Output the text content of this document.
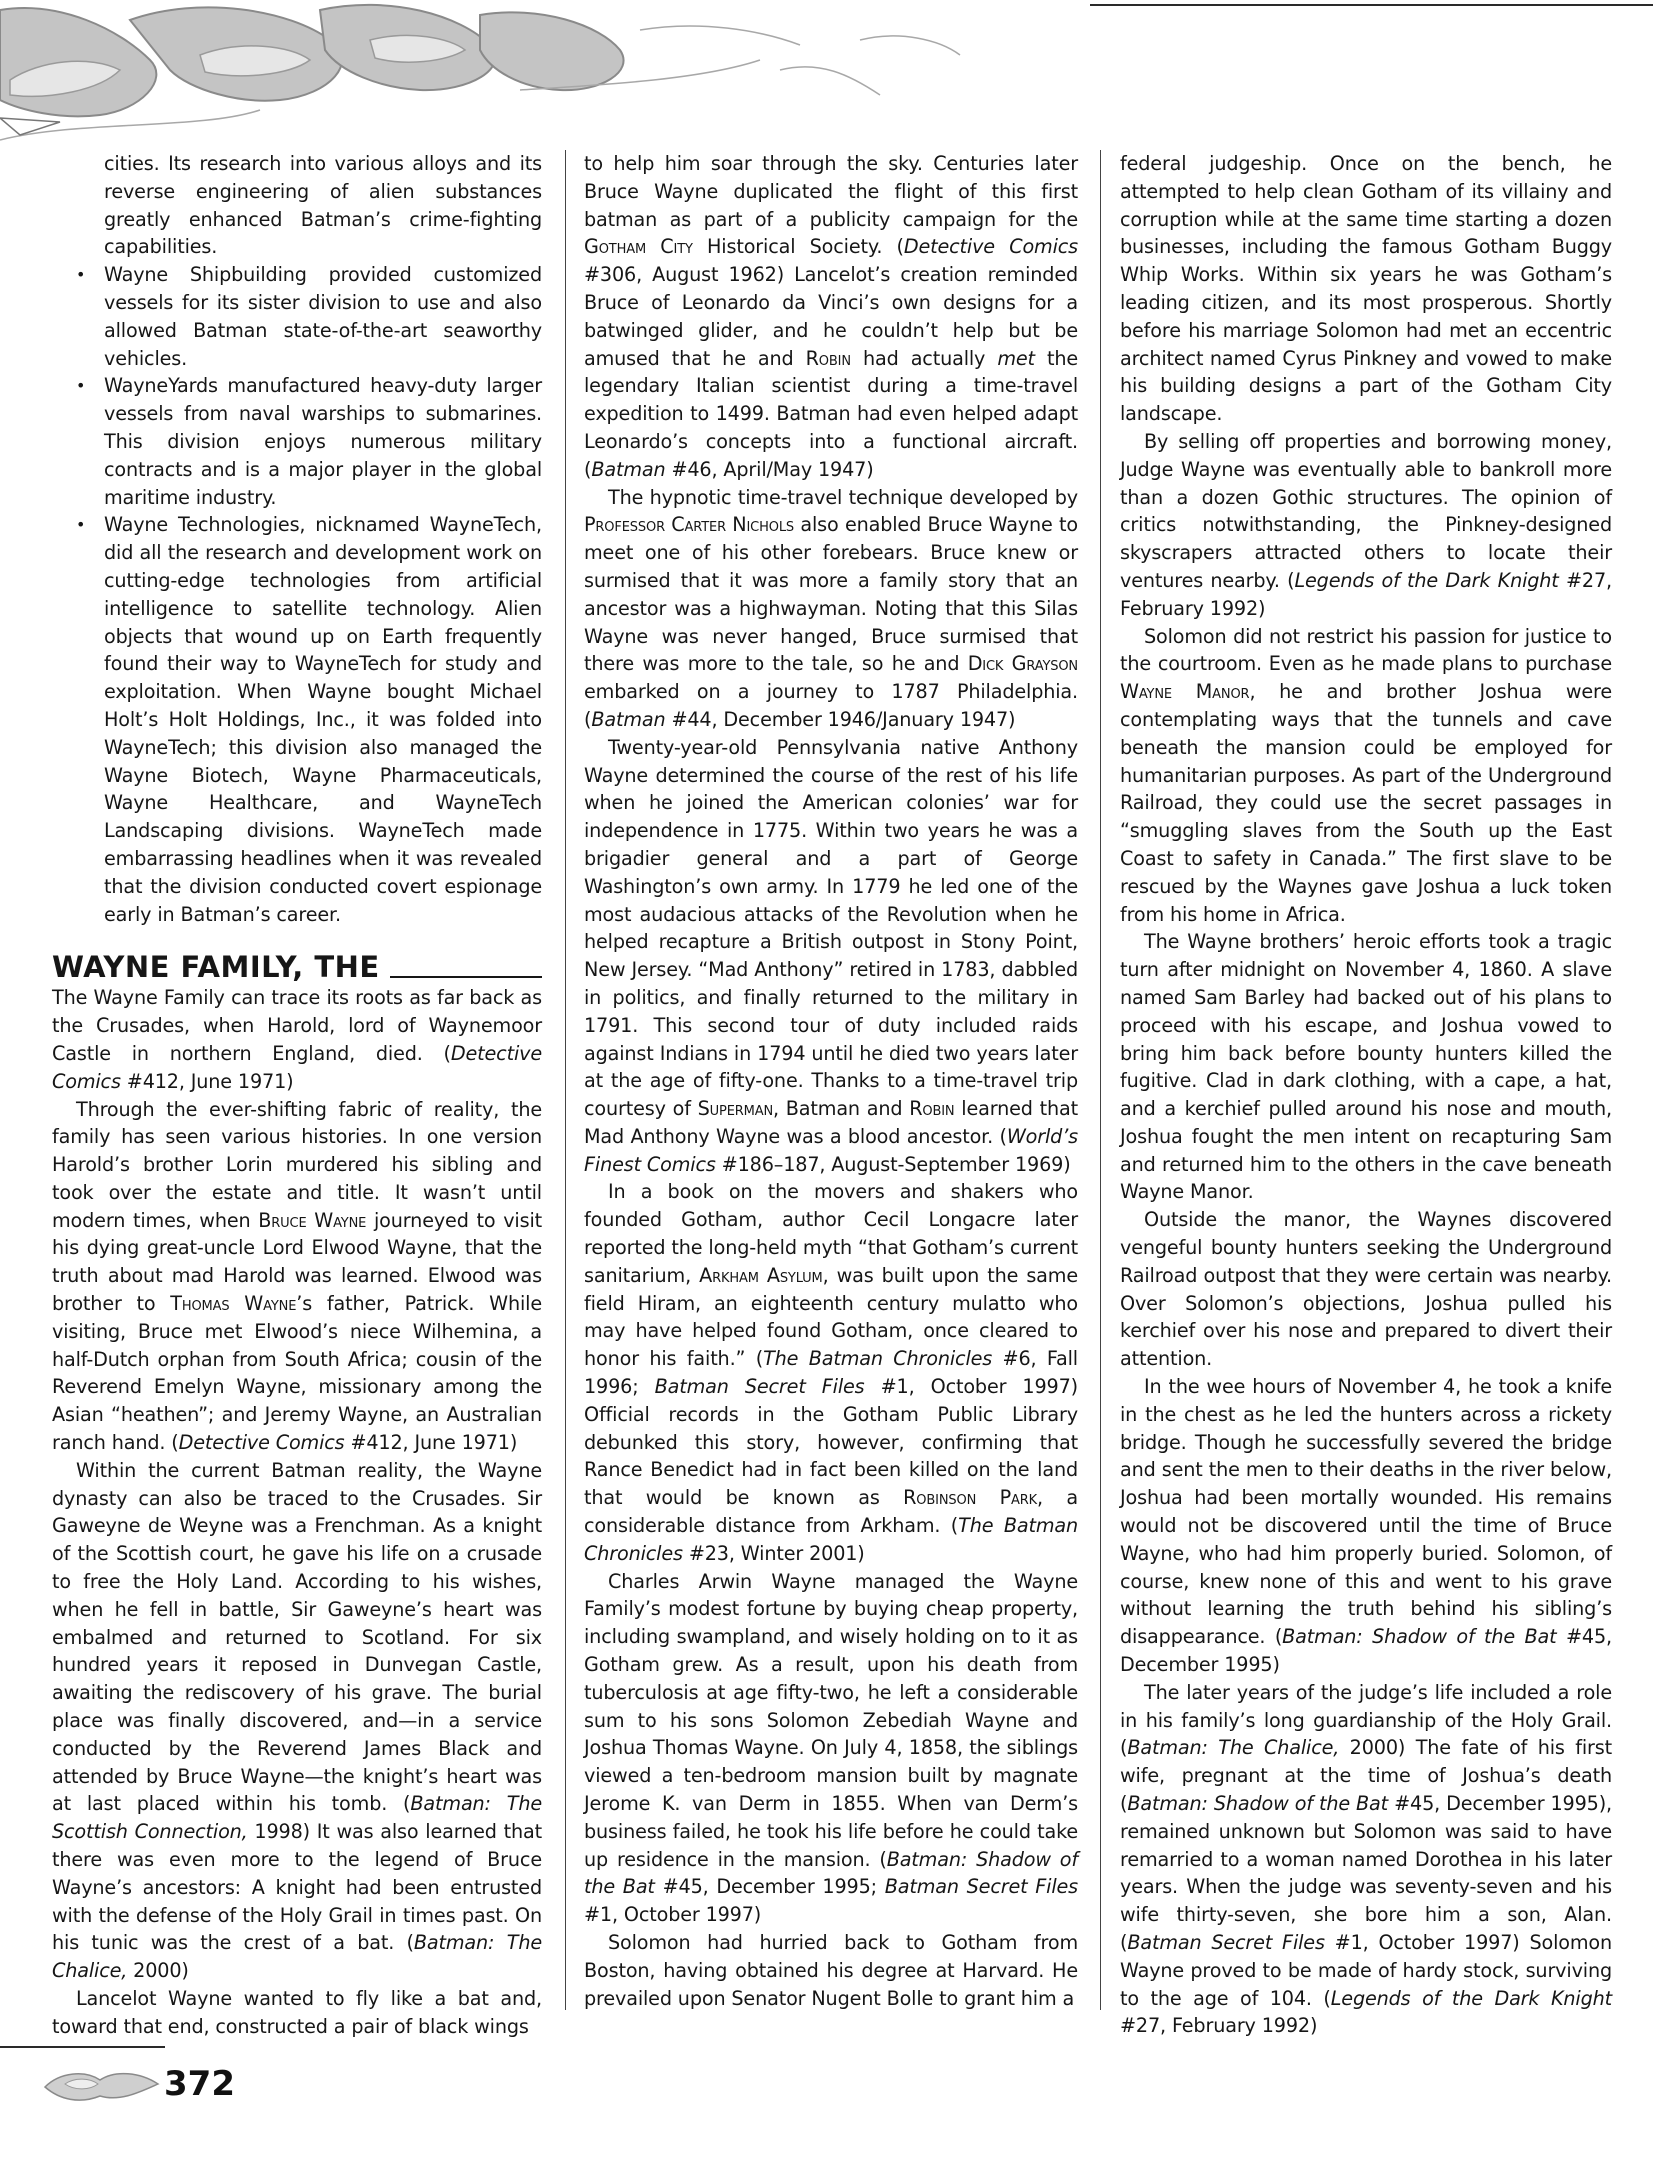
cities. Its research into various alloys and its reverse engineering of alien substances greatly enhanced Batman’s crime-fighting capabilities.
• Wayne Shipbuilding provided customized vessels for its sister division to use and also allowed Batman state-of-the-art seaworthy vehicles.
• WayneYards manufactured heavy-duty larger vessels from naval warships to submarines. This division enjoys numerous military contracts and is a major player in the global maritime industry.
• Wayne Technologies, nicknamed WayneTech, did all the research and development work on cutting-edge technologies from artificial intelligence to satellite technology. Alien objects that wound up on Earth frequently found their way to WayneTech for study and exploitation. When Wayne bought Michael Holt’s Holt Holdings, Inc., it was folded into WayneTech; this division also managed the Wayne Biotech, Wayne Pharmaceuticals, Wayne Healthcare, and WayneTech Landscaping divisions. WayneTech made embarrassing headlines when it was revealed that the division conducted covert espionage early in Batman’s career.
WAYNE FAMILY, THE

The Wayne Family can trace its roots as far back as the Crusades, when Harold, lord of Waynemoor Castle in northern England, died. (Detective Comics #412, June 1971)

Through the ever-shifting fabric of reality, the family has seen various histories. In one version Harold’s brother Lorin murdered his sibling and took over the estate and title. It wasn’t until modern times, when Bruce Wayne journeyed to visit his dying great-uncle Lord Elwood Wayne, that the truth about mad Harold was learned. Elwood was brother to Thomas Wayne’s father, Patrick. While visiting, Bruce met Elwood’s niece Wilhemina, a half-Dutch orphan from South Africa; cousin of the Reverend Emelyn Wayne, missionary among the Asian “heathen”; and Jeremy Wayne, an Australian ranch hand. (Detective Comics #412, June 1971)

Within the current Batman reality, the Wayne dynasty can also be traced to the Crusades. Sir Gaweyne de Weyne was a Frenchman. As a knight of the Scottish court, he gave his life on a crusade to free the Holy Land. According to his wishes, when he fell in battle, Sir Gaweyne’s heart was embalmed and returned to Scotland. For six hundred years it reposed in Dunvegan Castle, awaiting the rediscovery of his grave. The burial place was finally discovered, and—in a service conducted by the Reverend James Black and attended by Bruce Wayne—the knight’s heart was at last placed within his tomb. (Batman: The Scottish Connection, 1998) It was also learned that there was even more to the legend of Bruce Wayne’s ancestors: A knight had been entrusted with the defense of the Holy Grail in times past. On his tunic was the crest of a bat. (Batman: The Chalice, 2000)

Lancelot Wayne wanted to fly like a bat and, toward that end, constructed a pair of black wings

to help him soar through the sky. Centuries later Bruce Wayne duplicated the flight of this first batman as part of a publicity campaign for the Gotham City Historical Society. (Detective Comics #306, August 1962) Lancelot’s creation reminded Bruce of Leonardo da Vinci’s own designs for a batwinged glider, and he couldn’t help but be amused that he and Robin had actually met the legendary Italian scientist during a time-travel expedition to 1499. Batman had even helped adapt Leonardo’s concepts into a functional aircraft. (Batman #46, April/May 1947)

The hypnotic time-travel technique developed by Professor Carter Nichols also enabled Bruce Wayne to meet one of his other forebears. Bruce knew or surmised that it was more a family story that an ancestor was a highwayman. Noting that this Silas Wayne was never hanged, Bruce surmised that there was more to the tale, so he and Dick Grayson embarked on a journey to 1787 Philadelphia. (Batman #44, December 1946/January 1947)

Twenty-year-old Pennsylvania native Anthony Wayne determined the course of the rest of his life when he joined the American colonies’ war for independence in 1775. Within two years he was a brigadier general and a part of George Washington’s own army. In 1779 he led one of the most audacious attacks of the Revolution when he helped recapture a British outpost in Stony Point, New Jersey. “Mad Anthony” retired in 1783, dabbled in politics, and finally returned to the military in 1791. This second tour of duty included raids against Indians in 1794 until he died two years later at the age of fifty-one. Thanks to a time-travel trip courtesy of Superman, Batman and Robin learned that Mad Anthony Wayne was a blood ancestor. (World’s Finest Comics #186–187, August-September 1969)

In a book on the movers and shakers who founded Gotham, author Cecil Longacre later reported the long-held myth “that Gotham’s current sanitarium, Arkham Asylum, was built upon the same field Hiram, an eighteenth century mulatto who may have helped found Gotham, once cleared to honor his faith.” (The Batman Chronicles #6, Fall 1996; Batman Secret Files #1, October 1997) Official records in the Gotham Public Library debunked this story, however, confirming that Rance Benedict had in fact been killed on the land that would be known as Robinson Park, a considerable distance from Arkham. (The Batman Chronicles #23, Winter 2001)

Charles Arwin Wayne managed the Wayne Family’s modest fortune by buying cheap property, including swampland, and wisely holding on to it as Gotham grew. As a result, upon his death from tuberculosis at age fifty-two, he left a considerable sum to his sons Solomon Zebediah Wayne and Joshua Thomas Wayne. On July 4, 1858, the siblings viewed a ten-bedroom mansion built by magnate Jerome K. van Derm in 1855. When van Derm’s business failed, he took his life before he could take up residence in the mansion. (Batman: Shadow of the Bat #45, December 1995; Batman Secret Files #1, October 1997)

Solomon had hurried back to Gotham from Boston, having obtained his degree at Harvard. He prevailed upon Senator Nugent Bolle to grant him a

federal judgeship. Once on the bench, he attempted to help clean Gotham of its villainy and corruption while at the same time starting a dozen businesses, including the famous Gotham Buggy Whip Works. Within six years he was Gotham’s leading citizen, and its most prosperous. Shortly before his marriage Solomon had met an eccentric architect named Cyrus Pinkney and vowed to make his building designs a part of the Gotham City landscape.

By selling off properties and borrowing money, Judge Wayne was eventually able to bankroll more than a dozen Gothic structures. The opinion of critics notwithstanding, the Pinkney-designed skyscrapers attracted others to locate their ventures nearby. (Legends of the Dark Knight #27, February 1992)

Solomon did not restrict his passion for justice to the courtroom. Even as he made plans to purchase Wayne Manor, he and brother Joshua were contemplating ways that the tunnels and cave beneath the mansion could be employed for humanitarian purposes. As part of the Underground Railroad, they could use the secret passages in “smuggling slaves from the South up the East Coast to safety in Canada.” The first slave to be rescued by the Waynes gave Joshua a luck token from his home in Africa.

The Wayne brothers’ heroic efforts took a tragic turn after midnight on November 4, 1860. A slave named Sam Barley had backed out of his plans to proceed with his escape, and Joshua vowed to bring him back before bounty hunters killed the fugitive. Clad in dark clothing, with a cape, a hat, and a kerchief pulled around his nose and mouth, Joshua fought the men intent on recapturing Sam and returned him to the others in the cave beneath Wayne Manor.

Outside the manor, the Waynes discovered vengeful bounty hunters seeking the Underground Railroad outpost that they were certain was nearby. Over Solomon’s objections, Joshua pulled his kerchief over his nose and prepared to divert their attention.

In the wee hours of November 4, he took a knife in the chest as he led the hunters across a rickety bridge. Though he successfully severed the bridge and sent the men to their deaths in the river below, Joshua had been mortally wounded. His remains would not be discovered until the time of Bruce Wayne, who had him properly buried. Solomon, of course, knew none of this and went to his grave without learning the truth behind his sibling’s disappearance. (Batman: Shadow of the Bat #45, December 1995)

The later years of the judge’s life included a role in his family’s long guardianship of the Holy Grail. (Batman: The Chalice, 2000) The fate of his first wife, pregnant at the time of Joshua’s death (Batman: Shadow of the Bat #45, December 1995), remained unknown but Solomon was said to have remarried to a woman named Dorothea in his later years. When the judge was seventy-seven and his wife thirty-seven, she bore him a son, Alan. (Batman Secret Files #1, October 1997) Solomon Wayne proved to be made of hardy stock, surviving to the age of 104. (Legends of the Dark Knight #27, February 1992)

372
